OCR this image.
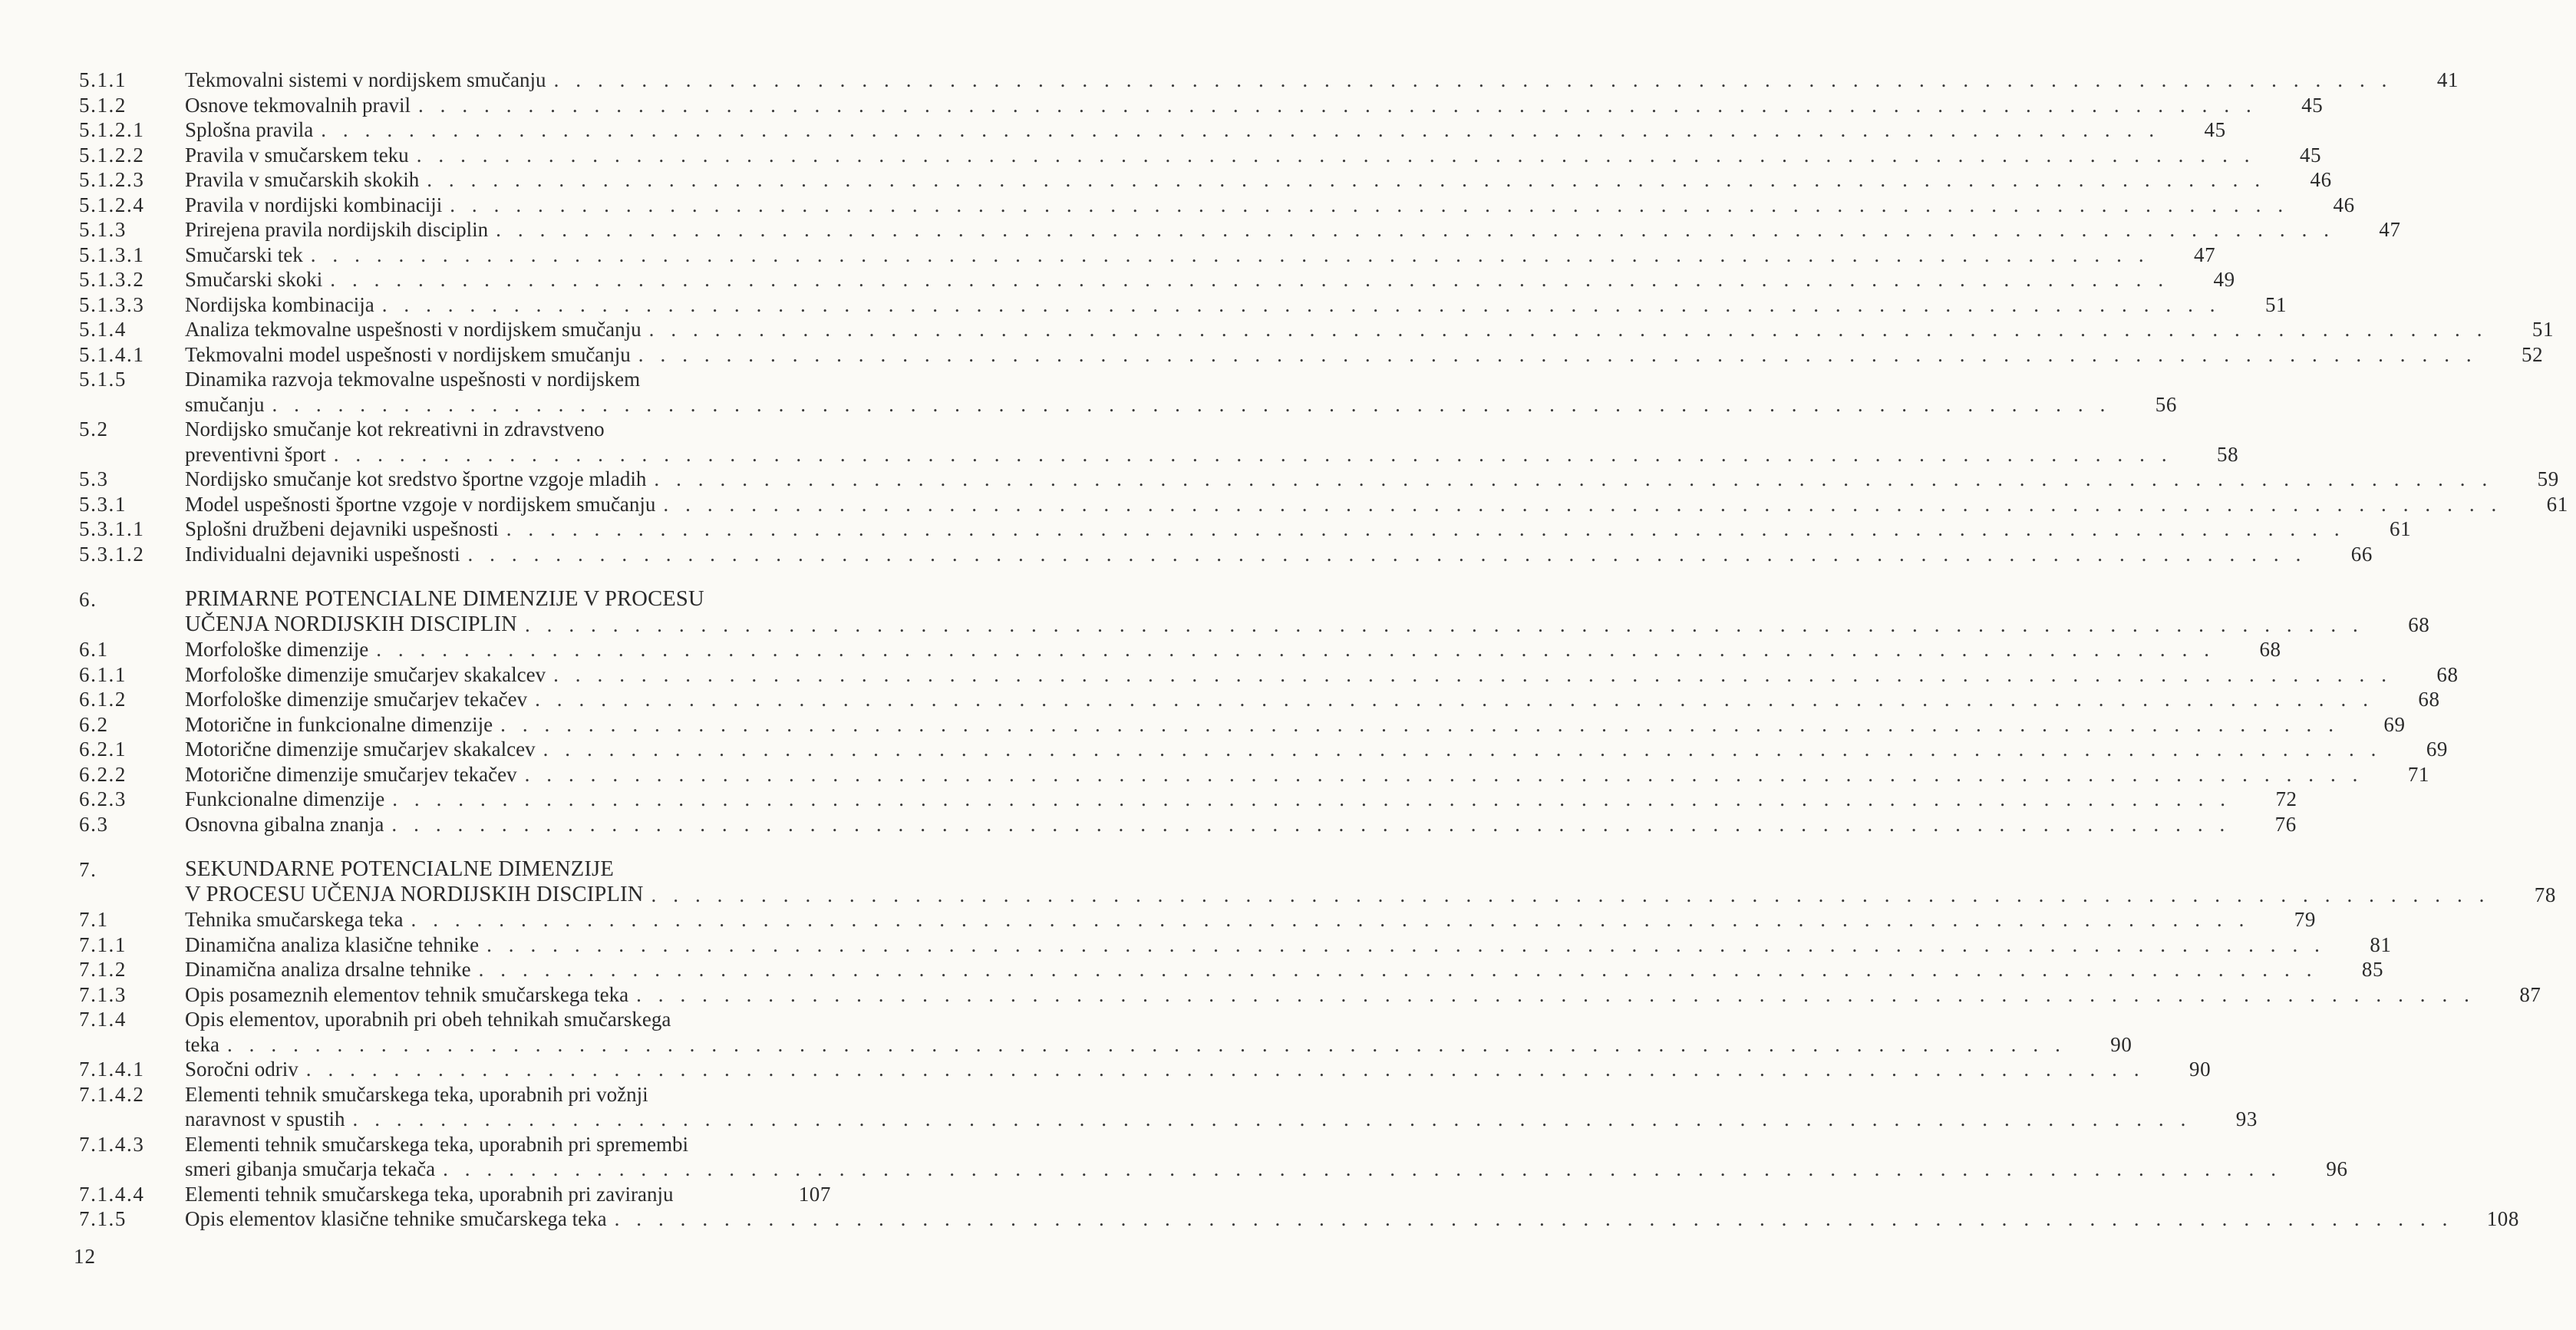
5.1.1	Tekmovalni sistemi v nordijskem smučanju . . . . . . . . . . . . . . . . . . . . . . . . . . . . . . . . . . . . . . . . . . . . . . . . . . . . . . . . . . . . . . . . . . . . . . . . . . . . . . . . . . . .	41
5.1.2	Osnove tekmovalnih pravil . . . . . . . . . . . . . . . . . . . . . . . . . . . . . . . . . . . . . . . . . . . . . . . . . . . . . . . . . . . . . . . . . . . . . . . . . . . . . . . . . . . .	45
5.1.2.1	Splošna pravila . . . . . . . . . . . . . . . . . . . . . . . . . . . . . . . . . . . . . . . . . . . . . . . . . . . . . . . . . . . . . . . . . . . . . . . . . . . . . . . . . . . .	45
5.1.2.2	Pravila v smučarskem teku . . . . . . . . . . . . . . . . . . . . . . . . . . . . . . . . . . . . . . . . . . . . . . . . . . . . . . . . . . . . . . . . . . . . . . . . . . . . . . . . . . . .	45
5.1.2.3	Pravila v smučarskih skokih . . . . . . . . . . . . . . . . . . . . . . . . . . . . . . . . . . . . . . . . . . . . . . . . . . . . . . . . . . . . . . . . . . . . . . . . . . . . . . . . . . . .	46
5.1.2.4	Pravila v nordijski kombinaciji . . . . . . . . . . . . . . . . . . . . . . . . . . . . . . . . . . . . . . . . . . . . . . . . . . . . . . . . . . . . . . . . . . . . . . . . . . . . . . . . . . . .	46
5.1.3	Prirejena pravila nordijskih disciplin . . . . . . . . . . . . . . . . . . . . . . . . . . . . . . . . . . . . . . . . . . . . . . . . . . . . . . . . . . . . . . . . . . . . . . . . . . . . . . . . . . . .	47
5.1.3.1	Smučarski tek . . . . . . . . . . . . . . . . . . . . . . . . . . . . . . . . . . . . . . . . . . . . . . . . . . . . . . . . . . . . . . . . . . . . . . . . . . . . . . . . . . . .	47
5.1.3.2	Smučarski skoki . . . . . . . . . . . . . . . . . . . . . . . . . . . . . . . . . . . . . . . . . . . . . . . . . . . . . . . . . . . . . . . . . . . . . . . . . . . . . . . . . . . .	49
5.1.3.3	Nordijska kombinacija . . . . . . . . . . . . . . . . . . . . . . . . . . . . . . . . . . . . . . . . . . . . . . . . . . . . . . . . . . . . . . . . . . . . . . . . . . . . . . . . . . . .	51
5.1.4	Analiza tekmovalne uspešnosti v nordijskem smučanju . . . . . . . . . . . . . . . . . . . . . . . . . . . . . . . . . . . . . . . . . . . . . . . . . . . . . . . . . . . . . . . . . . . . . . . . . . . . . . . . . . . .	51
5.1.4.1	Tekmovalni model uspešnosti v nordijskem smučanju . . . . . . . . . . . . . . . . . . . . . . . . . . . . . . . . . . . . . . . . . . . . . . . . . . . . . . . . . . . . . . . . . . . . . . . . . . . . . . . . . . . .	52
5.1.5	Dinamika razvoja tekmovalne uspešnosti v nordijskem
smučanju . . . . . . . . . . . . . . . . . . . . . . . . . . . . . . . . . . . . . . . . . . . . . . . . . . . . . . . . . . . . . . . . . . . . . . . . . . . . . . . . . . . .	56
5.2	Nordijsko smučanje kot rekreativni in zdravstveno
preventivni šport . . . . . . . . . . . . . . . . . . . . . . . . . . . . . . . . . . . . . . . . . . . . . . . . . . . . . . . . . . . . . . . . . . . . . . . . . . . . . . . . . . . .	58
5.3	Nordijsko smučanje kot sredstvo športne vzgoje mladih . . . . . . . . . . . . . . . . . . . . . . . . . . . . . . . . . . . . . . . . . . . . . . . . . . . . . . . . . . . . . . . . . . . . . . . . . . . . . . . . . . . .	59
5.3.1	Model uspešnosti športne vzgoje v nordijskem smučanju . . . . . . . . . . . . . . . . . . . . . . . . . . . . . . . . . . . . . . . . . . . . . . . . . . . . . . . . . . . . . . . . . . . . . . . . . . . . . . . . . . . .	61
5.3.1.1	Splošni družbeni dejavniki uspešnosti . . . . . . . . . . . . . . . . . . . . . . . . . . . . . . . . . . . . . . . . . . . . . . . . . . . . . . . . . . . . . . . . . . . . . . . . . . . . . . . . . . . .	61
5.3.1.2	Individualni dejavniki uspešnosti . . . . . . . . . . . . . . . . . . . . . . . . . . . . . . . . . . . . . . . . . . . . . . . . . . . . . . . . . . . . . . . . . . . . . . . . . . . . . . . . . . . .	66
6.	PRIMARNE POTENCIALNE DIMENZIJE V PROCESU
UČENJA NORDIJSKIH DISCIPLIN . . . . . . . . . . . . . . . . . . . . . . . . . . . . . . . . . . . . . . . . . . . . . . . . . . . . . . . . . . . . . . . . . . . . . . . . . . . . . . . . . . . .	68
6.1	Morfološke dimenzije . . . . . . . . . . . . . . . . . . . . . . . . . . . . . . . . . . . . . . . . . . . . . . . . . . . . . . . . . . . . . . . . . . . . . . . . . . . . . . . . . . . .	68
6.1.1	Morfološke dimenzije smučarjev skakalcev . . . . . . . . . . . . . . . . . . . . . . . . . . . . . . . . . . . . . . . . . . . . . . . . . . . . . . . . . . . . . . . . . . . . . . . . . . . . . . . . . . . .	68
6.1.2	Morfološke dimenzije smučarjev tekačev . . . . . . . . . . . . . . . . . . . . . . . . . . . . . . . . . . . . . . . . . . . . . . . . . . . . . . . . . . . . . . . . . . . . . . . . . . . . . . . . . . . .	68
6.2	Motorične in funkcionalne dimenzije . . . . . . . . . . . . . . . . . . . . . . . . . . . . . . . . . . . . . . . . . . . . . . . . . . . . . . . . . . . . . . . . . . . . . . . . . . . . . . . . . . . .	69
6.2.1	Motorične dimenzije smučarjev skakalcev . . . . . . . . . . . . . . . . . . . . . . . . . . . . . . . . . . . . . . . . . . . . . . . . . . . . . . . . . . . . . . . . . . . . . . . . . . . . . . . . . . . .	69
6.2.2	Motorične dimenzije smučarjev tekačev . . . . . . . . . . . . . . . . . . . . . . . . . . . . . . . . . . . . . . . . . . . . . . . . . . . . . . . . . . . . . . . . . . . . . . . . . . . . . . . . . . . .	71
6.2.3	Funkcionalne dimenzije . . . . . . . . . . . . . . . . . . . . . . . . . . . . . . . . . . . . . . . . . . . . . . . . . . . . . . . . . . . . . . . . . . . . . . . . . . . . . . . . . . . .	72
6.3	Osnovna gibalna znanja . . . . . . . . . . . . . . . . . . . . . . . . . . . . . . . . . . . . . . . . . . . . . . . . . . . . . . . . . . . . . . . . . . . . . . . . . . . . . . . . . . . .	76
7.	SEKUNDARNE POTENCIALNE DIMENZIJE
V PROCESU UČENJA NORDIJSKIH DISCIPLIN . . . . . . . . . . . . . . . . . . . . . . . . . . . . . . . . . . . . . . . . . . . . . . . . . . . . . . . . . . . . . . . . . . . . . . . . . . . . . . . . . . . .	78
7.1	Tehnika smučarskega teka . . . . . . . . . . . . . . . . . . . . . . . . . . . . . . . . . . . . . . . . . . . . . . . . . . . . . . . . . . . . . . . . . . . . . . . . . . . . . . . . . . . .	79
7.1.1	Dinamična analiza klasične tehnike . . . . . . . . . . . . . . . . . . . . . . . . . . . . . . . . . . . . . . . . . . . . . . . . . . . . . . . . . . . . . . . . . . . . . . . . . . . . . . . . . . . .	81
7.1.2	Dinamična analiza drsalne tehnike . . . . . . . . . . . . . . . . . . . . . . . . . . . . . . . . . . . . . . . . . . . . . . . . . . . . . . . . . . . . . . . . . . . . . . . . . . . . . . . . . . . .	85
7.1.3	Opis posameznih elementov tehnik smučarskega teka . . . . . . . . . . . . . . . . . . . . . . . . . . . . . . . . . . . . . . . . . . . . . . . . . . . . . . . . . . . . . . . . . . . . . . . . . . . . . . . . . . . .	87
7.1.4	Opis elementov, uporabnih pri obeh tehnikah smučarskega
teka . . . . . . . . . . . . . . . . . . . . . . . . . . . . . . . . . . . . . . . . . . . . . . . . . . . . . . . . . . . . . . . . . . . . . . . . . . . . . . . . . . . .	90
7.1.4.1	Soročni odriv . . . . . . . . . . . . . . . . . . . . . . . . . . . . . . . . . . . . . . . . . . . . . . . . . . . . . . . . . . . . . . . . . . . . . . . . . . . . . . . . . . . .	90
7.1.4.2	Elementi tehnik smučarskega teka, uporabnih pri vožnji
naravnost v spustih . . . . . . . . . . . . . . . . . . . . . . . . . . . . . . . . . . . . . . . . . . . . . . . . . . . . . . . . . . . . . . . . . . . . . . . . . . . . . . . . . . . .	93
7.1.4.3	Elementi tehnik smučarskega teka, uporabnih pri spremembi
smeri gibanja smučarja tekača . . . . . . . . . . . . . . . . . . . . . . . . . . . . . . . . . . . . . . . . . . . . . . . . . . . . . . . . . . . . . . . . . . . . . . . . . . . . . . . . . . . .	96
7.1.4.4	Elementi tehnik smučarskega teka, uporabnih pri zaviranju	107
7.1.5	Opis elementov klasične tehnike smučarskega teka . . . . . . . . . . . . . . . . . . . . . . . . . . . . . . . . . . . . . . . . . . . . . . . . . . . . . . . . . . . . . . . . . . . . . . . . . . . . . . . . . . . .	108
12
